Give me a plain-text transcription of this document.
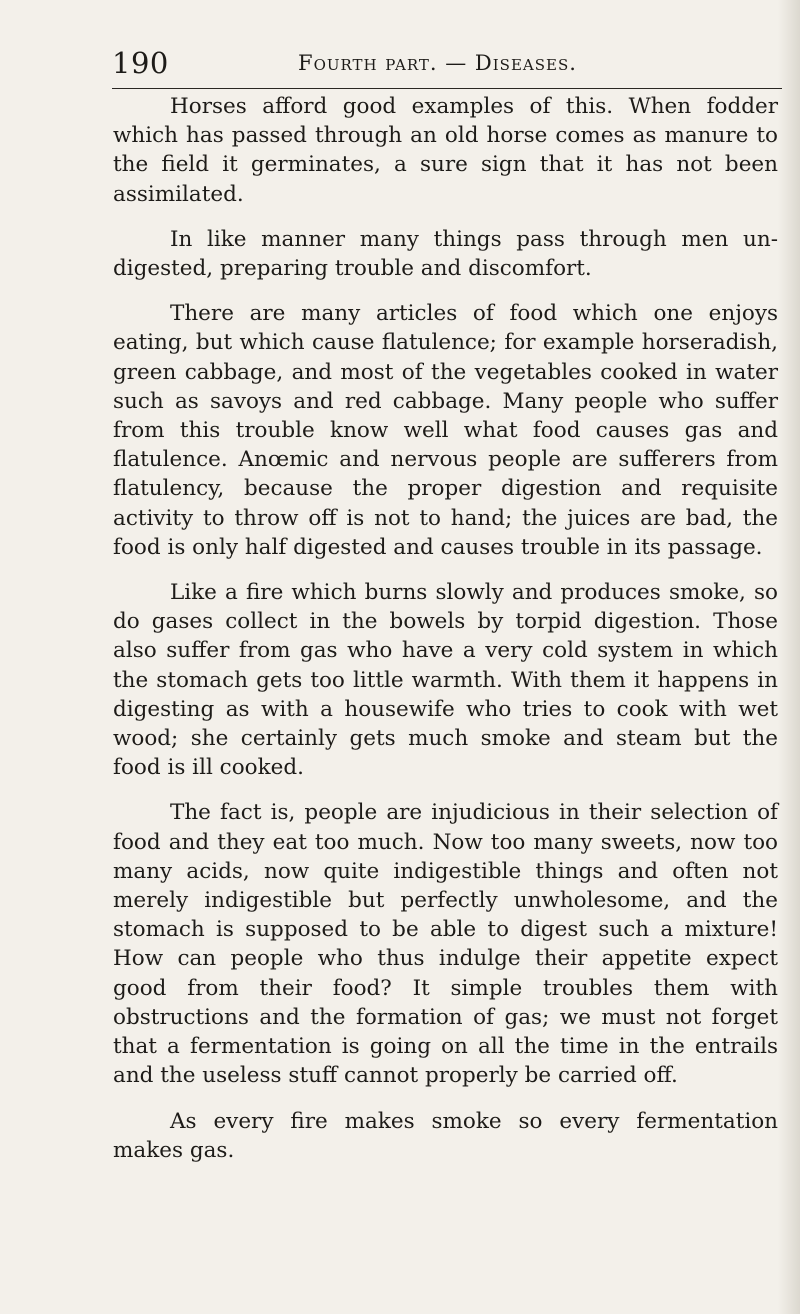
190	Fourth part. — Diseases.

Horses afford good examples of this. When fodder which has passed through an old horse comes as manure to the field it germinates, a sure sign that it has not been assimilated.

In like manner many things pass through men undigested, preparing trouble and discomfort.

There are many articles of food which one enjoys eating, but which cause flatulence; for example horseradish, green cabbage, and most of the vegetables cooked in water such as savoys and red cabbage. Many people who suffer from this trouble know well what food causes gas and flatulence. Anœmic and nervous people are sufferers from flatulency, because the proper digestion and requisite activity to throw off is not to hand; the juices are bad, the food is only half digested and causes trouble in its passage.

Like a fire which burns slowly and produces smoke, so do gases collect in the bowels by torpid digestion. Those also suffer from gas who have a very cold system in which the stomach gets too little warmth. With them it happens in digesting as with a housewife who tries to cook with wet wood; she certainly gets much smoke and steam but the food is ill cooked.

The fact is, people are injudicious in their selection of food and they eat too much. Now too many sweets, now too many acids, now quite indigestible things and often not merely indigestible but perfectly unwholesome, and the stomach is supposed to be able to digest such a mixture! How can people who thus indulge their appetite expect good from their food? It simple troubles them with obstructions and the formation of gas; we must not forget that a fermentation is going on all the time in the entrails and the useless stuff cannot properly be carried off.

As every fire makes smoke so every fermentation makes gas.
